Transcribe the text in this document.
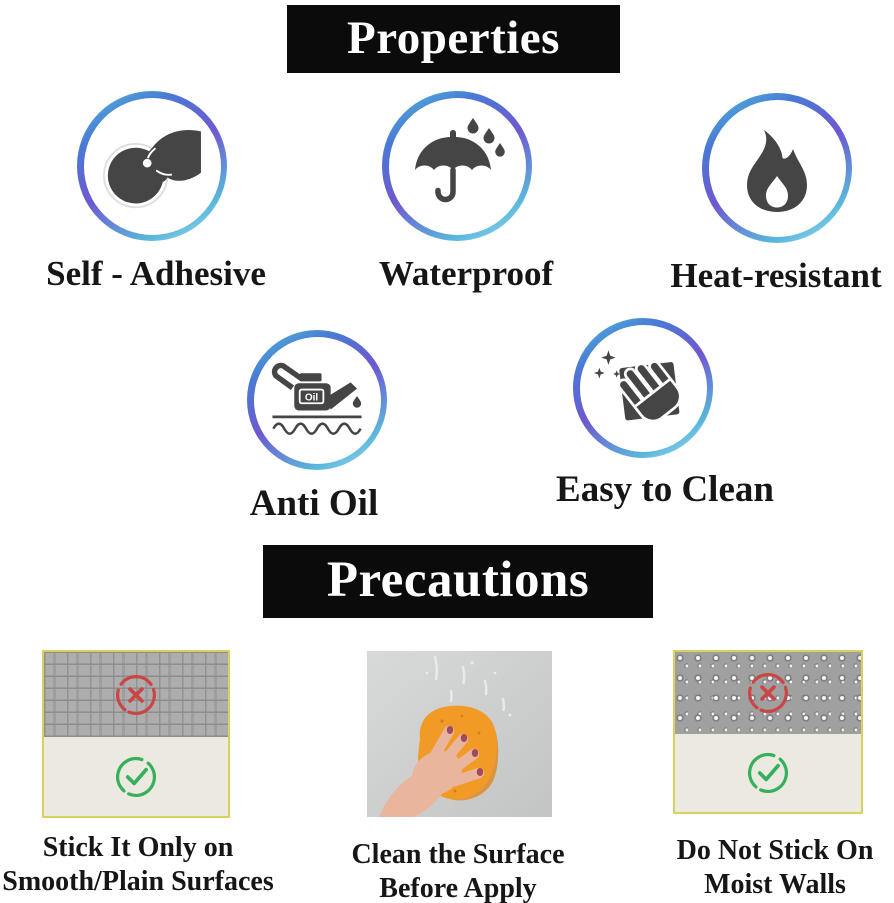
Properties
Self - Adhesive	Waterproof	Heat-resistant
Oil
Anti Oil	Easy to Clean
Precautions
Stick It Only on
Smooth/Plain Surfaces
Clean the Surface
Before Apply
Do Not Stick On
Moist Walls
